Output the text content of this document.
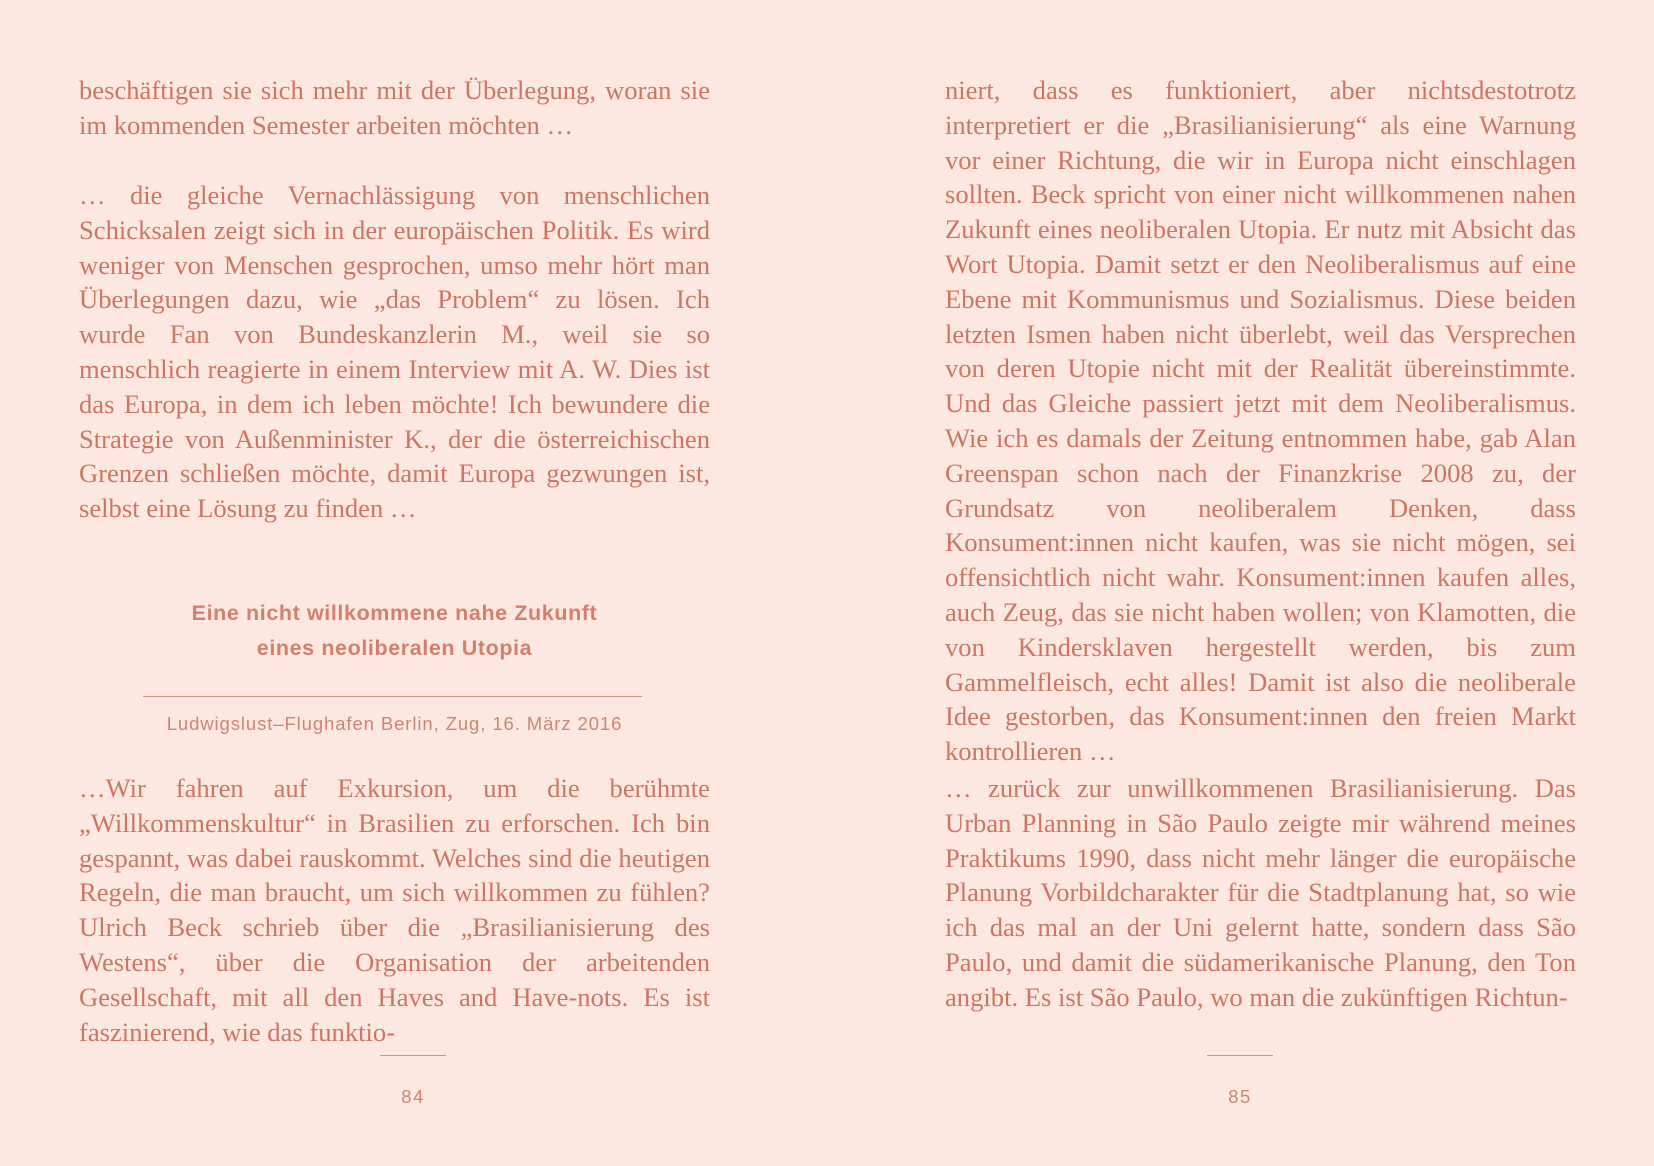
beschäftigen sie sich mehr mit der Überlegung, woran sie im kommenden Semester arbeiten möchten …

… die gleiche Vernachlässigung von menschlichen Schicksalen zeigt sich in der europäischen Politik. Es wird weniger von Menschen gesprochen, umso mehr hört man Überlegungen dazu, wie „das Problem“ zu lösen. Ich wurde Fan von Bundeskanzlerin M., weil sie so menschlich reagierte in einem Interview mit A. W. Dies ist das Europa, in dem ich leben möchte! Ich bewundere die Strategie von Außenminister K., der die österreichischen Grenzen schließen möchte, damit Europa gezwungen ist, selbst eine Lösung zu finden …

Eine nicht willkommene nahe Zukunft

eines neoliberalen Utopia

Ludwigslust–Flughafen Berlin, Zug, 16. März 2016

…Wir fahren auf Exkursion, um die berühmte „Willkommenskultur“ in Brasilien zu erforschen. Ich bin gespannt, was dabei rauskommt. Welches sind die heutigen Regeln, die man braucht, um sich willkommen zu fühlen? Ulrich Beck schrieb über die „Brasilianisierung des Westens“, über die Organisation der arbeitenden Gesellschaft, mit all den Haves and Have-nots. Es ist faszinierend, wie das funktio-

84

niert, dass es funktioniert, aber nichtsdestotrotz interpretiert er die „Brasilianisierung“ als eine Warnung vor einer Richtung, die wir in Europa nicht einschlagen sollten. Beck spricht von einer nicht willkommenen nahen Zukunft eines neoliberalen Utopia. Er nutz mit Absicht das Wort Utopia. Damit setzt er den Neoliberalismus auf eine Ebene mit Kommunismus und Sozialismus. Diese beiden letzten Ismen haben nicht überlebt, weil das Versprechen von deren Utopie nicht mit der Realität übereinstimmte. Und das Gleiche passiert jetzt mit dem Neoliberalismus. Wie ich es damals der Zeitung entnommen habe, gab Alan Greenspan schon nach der Finanzkrise 2008 zu, der Grundsatz von neoliberalem Denken, dass Konsument:innen nicht kaufen, was sie nicht mögen, sei offensichtlich nicht wahr. Konsument:innen kaufen alles, auch Zeug, das sie nicht haben wollen; von Klamotten, die von Kindersklaven hergestellt werden, bis zum Gammelfleisch, echt alles! Damit ist also die neoliberale Idee gestorben, das Konsument:innen den freien Markt kontrollieren …

… zurück zur unwillkommenen Brasilianisierung. Das Urban Planning in São Paulo zeigte mir während meines Praktikums 1990, dass nicht mehr länger die europäische Planung Vorbildcharakter für die Stadtplanung hat, so wie ich das mal an der Uni gelernt hatte, sondern dass São Paulo, und damit die südamerikanische Planung, den Ton angibt. Es ist São Paulo, wo man die zukünftigen Richtun-

85
